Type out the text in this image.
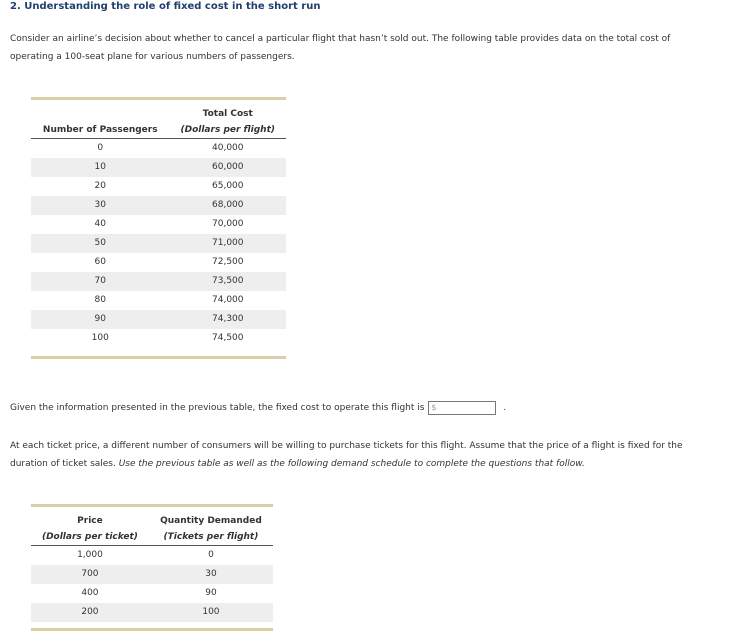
2. Understanding the role of fixed cost in the short run
Consider an airline’s decision about whether to cancel a particular flight that hasn’t sold out. The following table provides data on the total cost of
operating a 100-seat plane for various numbers of passengers.

	Total Cost
Number of Passengers	(Dollars per flight)
0	40,000
10	60,000
20	65,000
30	68,000
40	70,000
50	71,000
60	72,500
70	73,500
80	74,000
90	74,300
100	74,500

Given the information presented in the previous table, the fixed cost to operate this flight is $	.
At each ticket price, a different number of consumers will be willing to purchase tickets for this flight. Assume that the price of a flight is fixed for the
duration of ticket sales. Use the previous table as well as the following demand schedule to complete the questions that follow.

Price	Quantity Demanded
(Dollars per ticket)	(Tickets per flight)
1,000	0
700	30
400	90
200	100
